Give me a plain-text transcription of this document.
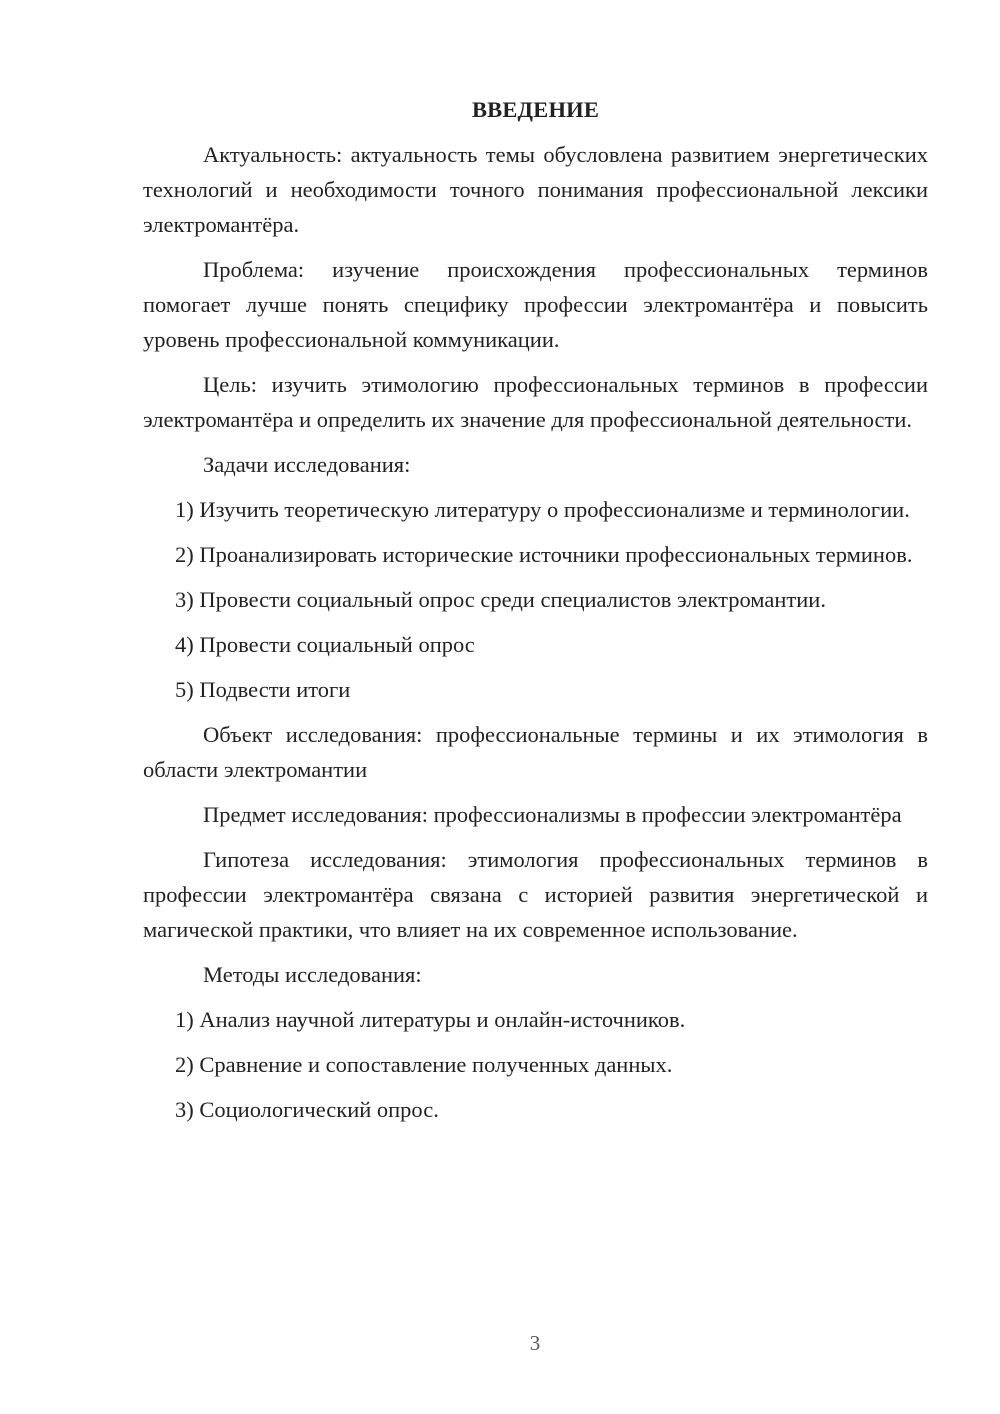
ВВЕДЕНИЕ

Актуальность: актуальность темы обусловлена развитием энергетических технологий и необходимости точного понимания профессиональной лексики электромантёра.

Проблема: изучение происхождения профессиональных терминов помогает лучше понять специфику профессии электромантёра и повысить уровень профессиональной коммуникации.

Цель: изучить этимологию профессиональных терминов в профессии электромантёра и определить их значение для профессиональной деятельности.

Задачи исследования:

1) Изучить теоретическую литературу о профессионализме и терминологии.

2) Проанализировать исторические источники профессиональных терминов.

3) Провести социальный опрос среди специалистов электромантии.

4) Провести социальный опрос

5) Подвести итоги

Объект исследования: профессиональные термины и их этимология в области электромантии

Предмет исследования: профессионализмы в профессии электромантёра

Гипотеза исследования: этимология профессиональных терминов в профессии электромантёра связана с историей развития энергетической и магической практики, что влияет на их современное использование.

Методы исследования:

1) Анализ научной литературы и онлайн-источников.

2) Сравнение и сопоставление полученных данных.

3) Социологический опрос.

3
